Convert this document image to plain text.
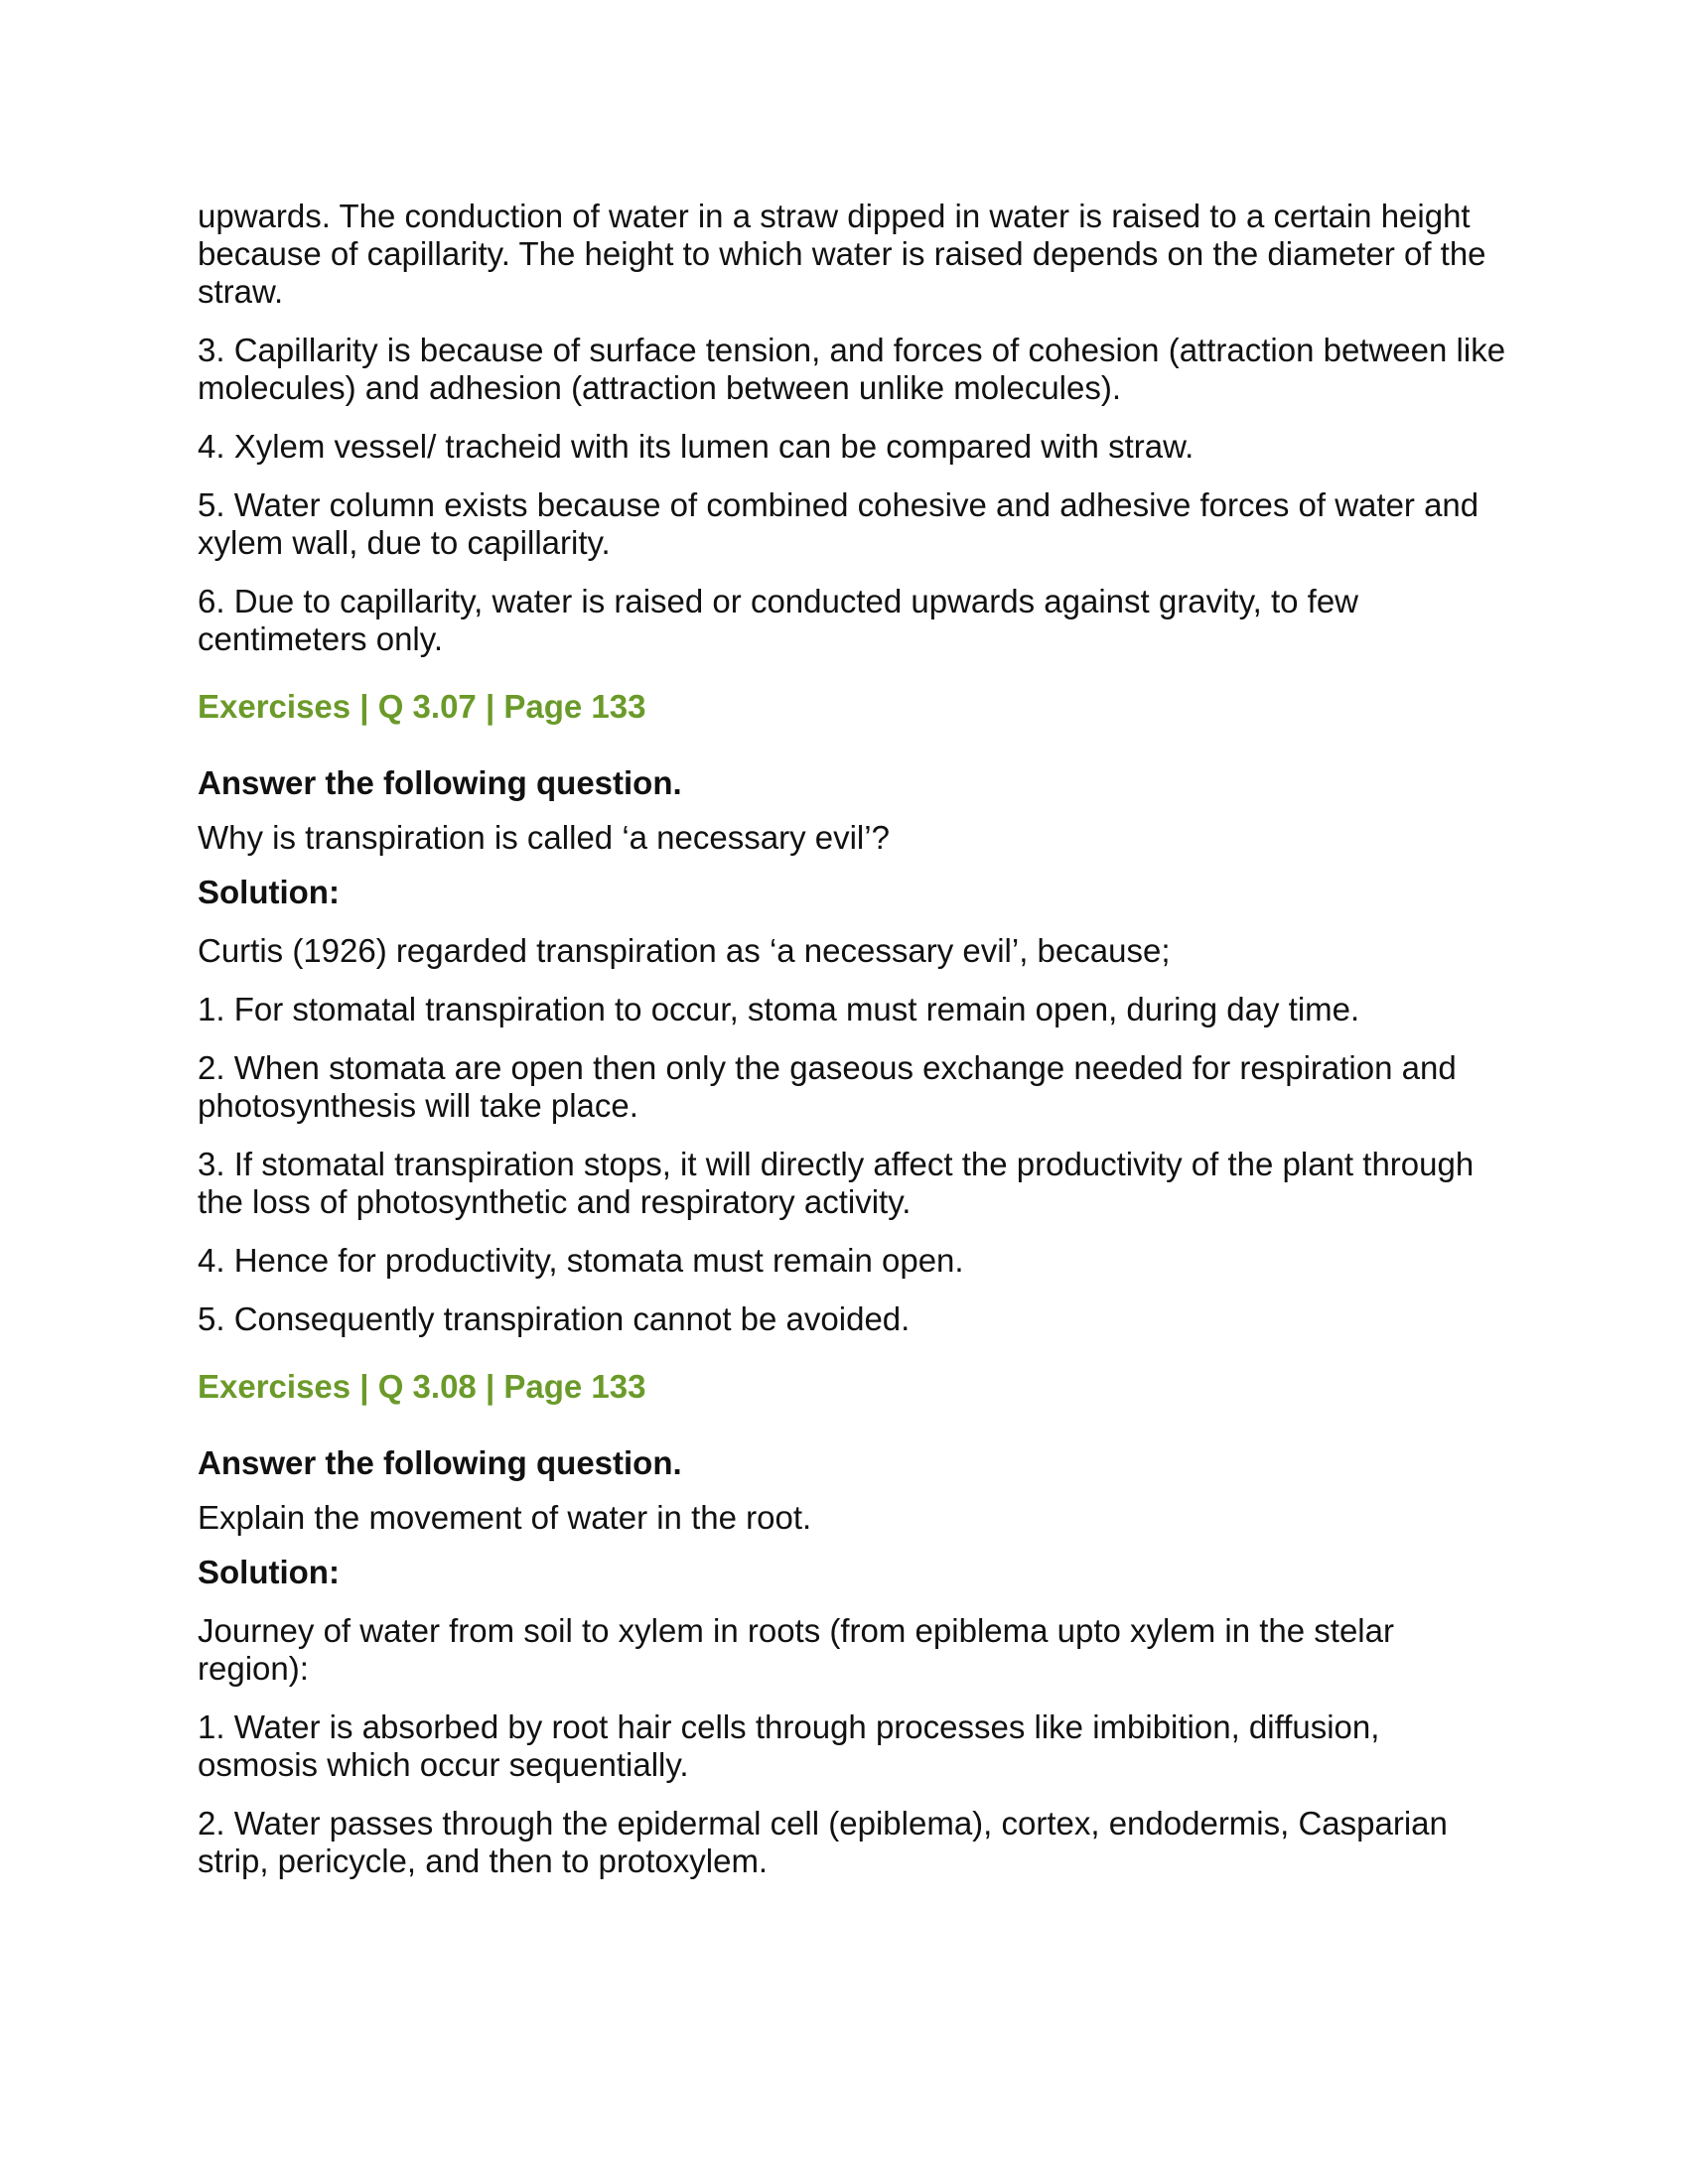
upwards. The conduction of water in a straw dipped in water is raised to a certain height because of capillarity. The height to which water is raised depends on the diameter of the straw.

3. Capillarity is because of surface tension, and forces of cohesion (attraction between like molecules) and adhesion (attraction between unlike molecules).

4. Xylem vessel/ tracheid with its lumen can be compared with straw.

5. Water column exists because of combined cohesive and adhesive forces of water and xylem wall, due to capillarity.

6. Due to capillarity, water is raised or conducted upwards against gravity, to few centimeters only.

Exercises | Q 3.07 | Page 133
Answer the following question.
Why is transpiration is called ‘a necessary evil’?
Solution:

Curtis (1926) regarded transpiration as ‘a necessary evil’, because;

1. For stomatal transpiration to occur, stoma must remain open, during day time.

2. When stomata are open then only the gaseous exchange needed for respiration and photosynthesis will take place.

3. If stomatal transpiration stops, it will directly affect the productivity of the plant through the loss of photosynthetic and respiratory activity.

4. Hence for productivity, stomata must remain open.

5. Consequently transpiration cannot be avoided.

Exercises | Q 3.08 | Page 133
Answer the following question.
Explain the movement of water in the root.
Solution:

Journey of water from soil to xylem in roots (from epiblema upto xylem in the stelar region):

1. Water is absorbed by root hair cells through processes like imbibition, diffusion, osmosis which occur sequentially.

2. Water passes through the epidermal cell (epiblema), cortex, endodermis, Casparian strip, pericycle, and then to protoxylem.
